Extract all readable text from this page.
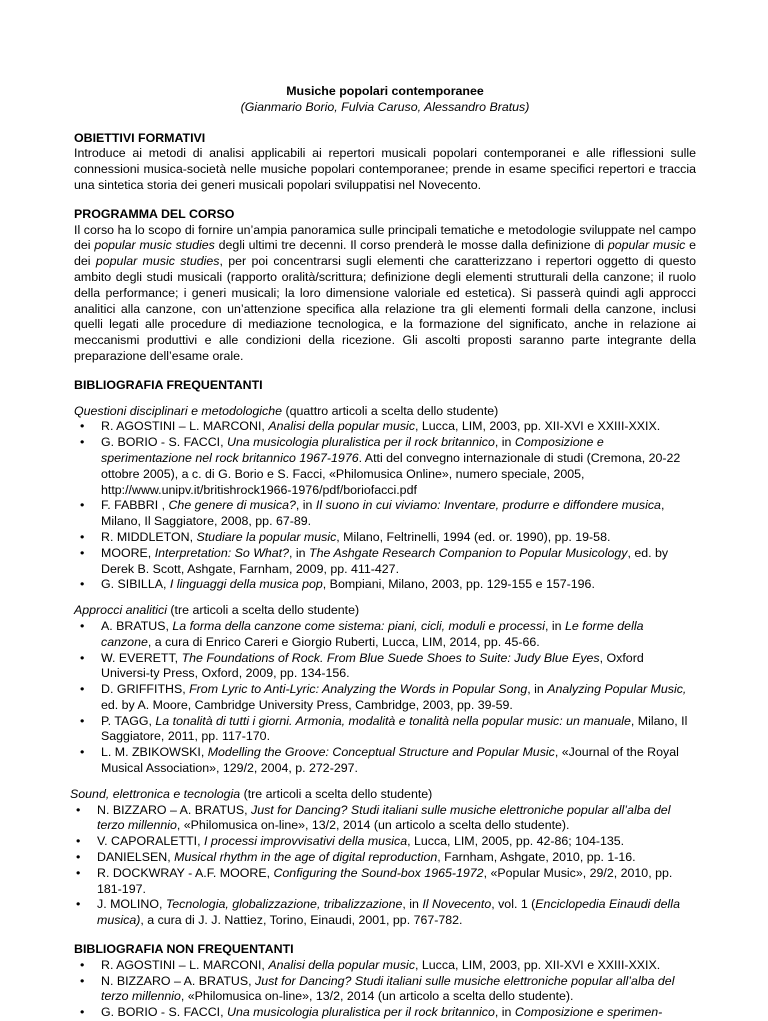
Musiche popolari contemporanee
(Gianmario Borio, Fulvia Caruso, Alessandro Bratus)
OBIETTIVI FORMATIVI

Introduce ai metodi di analisi applicabili ai repertori musicali popolari contemporanei e alle riflessioni sulle connessioni musica-società nelle musiche popolari contemporanee; prende in esame specifici repertori e traccia una sintetica storia dei generi musicali popolari sviluppatisi nel Novecento.

PROGRAMMA DEL CORSO

Il corso ha lo scopo di fornire un’ampia panoramica sulle principali tematiche e metodologie sviluppate nel campo dei popular music studies degli ultimi tre decenni. Il corso prenderà le mosse dalla definizione di popular music e dei popular music studies, per poi concentrarsi sugli elementi che caratterizzano i repertori oggetto di questo ambito degli studi musicali (rapporto oralità/scrittura; definizione degli elementi strutturali della canzone; il ruolo della performance; i generi musicali; la loro dimensione valoriale ed estetica). Si passerà quindi agli approcci analitici alla canzone, con un’attenzione specifica alla relazione tra gli elementi formali della canzone, inclusi quelli legati alle procedure di mediazione tecnologica, e la formazione del significato, anche in relazione ai meccanismi produttivi e alle condizioni della ricezione. Gli ascolti proposti saranno parte integrante della preparazione dell’esame orale.

BIBLIOGRAFIA FREQUENTANTI
Questioni disciplinari e metodologiche (quattro articoli a scelta dello studente)
• R. AGOSTINI – L. MARCONI, Analisi della popular music, Lucca, LIM, 2003, pp. XII-XVI e XXIII-XXIX.
• G. BORIO - S. FACCI, Una musicologia pluralistica per il rock britannico, in Composizione e sperimentazione nel rock britannico 1967-1976. Atti del convegno internazionale di studi (Cremona, 20-22 ottobre 2005), a c. di G. Borio e S. Facci, «Philomusica Online», numero speciale, 2005, http://www.unipv.it/britishrock1966-1976/pdf/boriofacci.pdf
• F. FABBRI , Che genere di musica?, in Il suono in cui viviamo: Inventare, produrre e diffondere musica, Milano, Il Saggiatore, 2008, pp. 67-89.
• R. MIDDLETON, Studiare la popular music, Milano, Feltrinelli, 1994 (ed. or. 1990), pp. 19-58.
• MOORE, Interpretation: So What?, in The Ashgate Research Companion to Popular Musicology, ed. by Derek B. Scott, Ashgate, Farnham, 2009, pp. 411-427.
• G. SIBILLA, I linguaggi della musica pop, Bompiani, Milano, 2003, pp. 129-155 e 157-196.
Approcci analitici (tre articoli a scelta dello studente)
• A. BRATUS, La forma della canzone come sistema: piani, cicli, moduli e processi, in Le forme della canzone, a cura di Enrico Careri e Giorgio Ruberti, Lucca, LIM, 2014, pp. 45-66.
• W. EVERETT, The Foundations of Rock. From Blue Suede Shoes to Suite: Judy Blue Eyes, Oxford Universi-ty Press, Oxford, 2009, pp. 134-156.
• D. GRIFFITHS, From Lyric to Anti-Lyric: Analyzing the Words in Popular Song, in Analyzing Popular Music, ed. by A. Moore, Cambridge University Press, Cambridge, 2003, pp. 39-59.
• P. TAGG, La tonalità di tutti i giorni. Armonia, modalità e tonalità nella popular music: un manuale, Milano, Il Saggiatore, 2011, pp. 117-170.
• L. M. ZBIKOWSKI, Modelling the Groove: Conceptual Structure and Popular Music, «Journal of the Royal Musical Association», 129/2, 2004, p. 272-297.
Sound, elettronica e tecnologia (tre articoli a scelta dello studente)
• N. BIZZARO – A. BRATUS, Just for Dancing? Studi italiani sulle musiche elettroniche popular all’alba del terzo millennio, «Philomusica on-line», 13/2, 2014 (un articolo a scelta dello studente).
• V. CAPORALETTI, I processi improvvisativi della musica, Lucca, LIM, 2005, pp. 42-86; 104-135.
• DANIELSEN, Musical rhythm in the age of digital reproduction, Farnham, Ashgate, 2010, pp. 1-16.
• R. DOCKWRAY - A.F. MOORE, Configuring the Sound-box 1965-1972, «Popular Music», 29/2, 2010, pp. 181-197.
• J. MOLINO, Tecnologia, globalizzazione, tribalizzazione, in Il Novecento, vol. 1 (Enciclopedia Einaudi della musica), a cura di J. J. Nattiez, Torino, Einaudi, 2001, pp. 767-782.
BIBLIOGRAFIA NON FREQUENTANTI
• R. AGOSTINI – L. MARCONI, Analisi della popular music, Lucca, LIM, 2003, pp. XII-XVI e XXIII-XXIX.
• N. BIZZARO – A. BRATUS, Just for Dancing? Studi italiani sulle musiche elettroniche popular all’alba del terzo millennio, «Philomusica on-line», 13/2, 2014 (un articolo a scelta dello studente).
• G. BORIO - S. FACCI, Una musicologia pluralistica per il rock britannico, in Composizione e sperimen-
